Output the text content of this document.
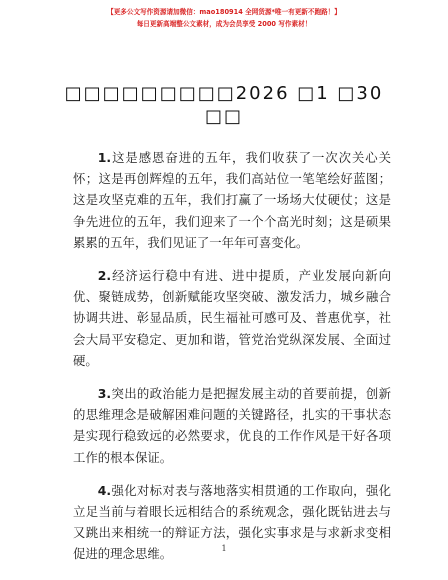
【更多公文写作资源请加微信：mao180914 全网货源*唯一有更新不跑路！】
每日更新高端整公文素材，成为会员享受 2000 写作素材！
□□□□□□□□□2026 □1 □30
□□

1.这是感恩奋进的五年，我们收获了一次次关心关怀；这是再创辉煌的五年，我们高站位一笔笔绘好蓝图；这是攻坚克难的五年，我们打赢了一场场大仗硬仗；这是争先进位的五年，我们迎来了一个个高光时刻；这是硕果累累的五年，我们见证了一年年可喜变化。

2.经济运行稳中有进、进中提质，产业发展向新向优、聚链成势，创新赋能攻坚突破、激发活力，城乡融合协调共进、彰显品质，民生福祉可感可及、普惠优享，社会大局平安稳定、更加和谐，管党治党纵深发展、全面过硬。

3.突出的政治能力是把握发展主动的首要前提，创新的思维理念是破解困难问题的关键路径，扎实的干事状态是实现行稳致远的必然要求，优良的工作作风是干好各项工作的根本保证。

4.强化对标对表与落地落实相贯通的工作取向，强化立足当前与着眼长远相结合的系统观念，强化既钻进去与又跳出来相统一的辩证方法，强化实事求是与求新求变相促进的理念思维。	1
